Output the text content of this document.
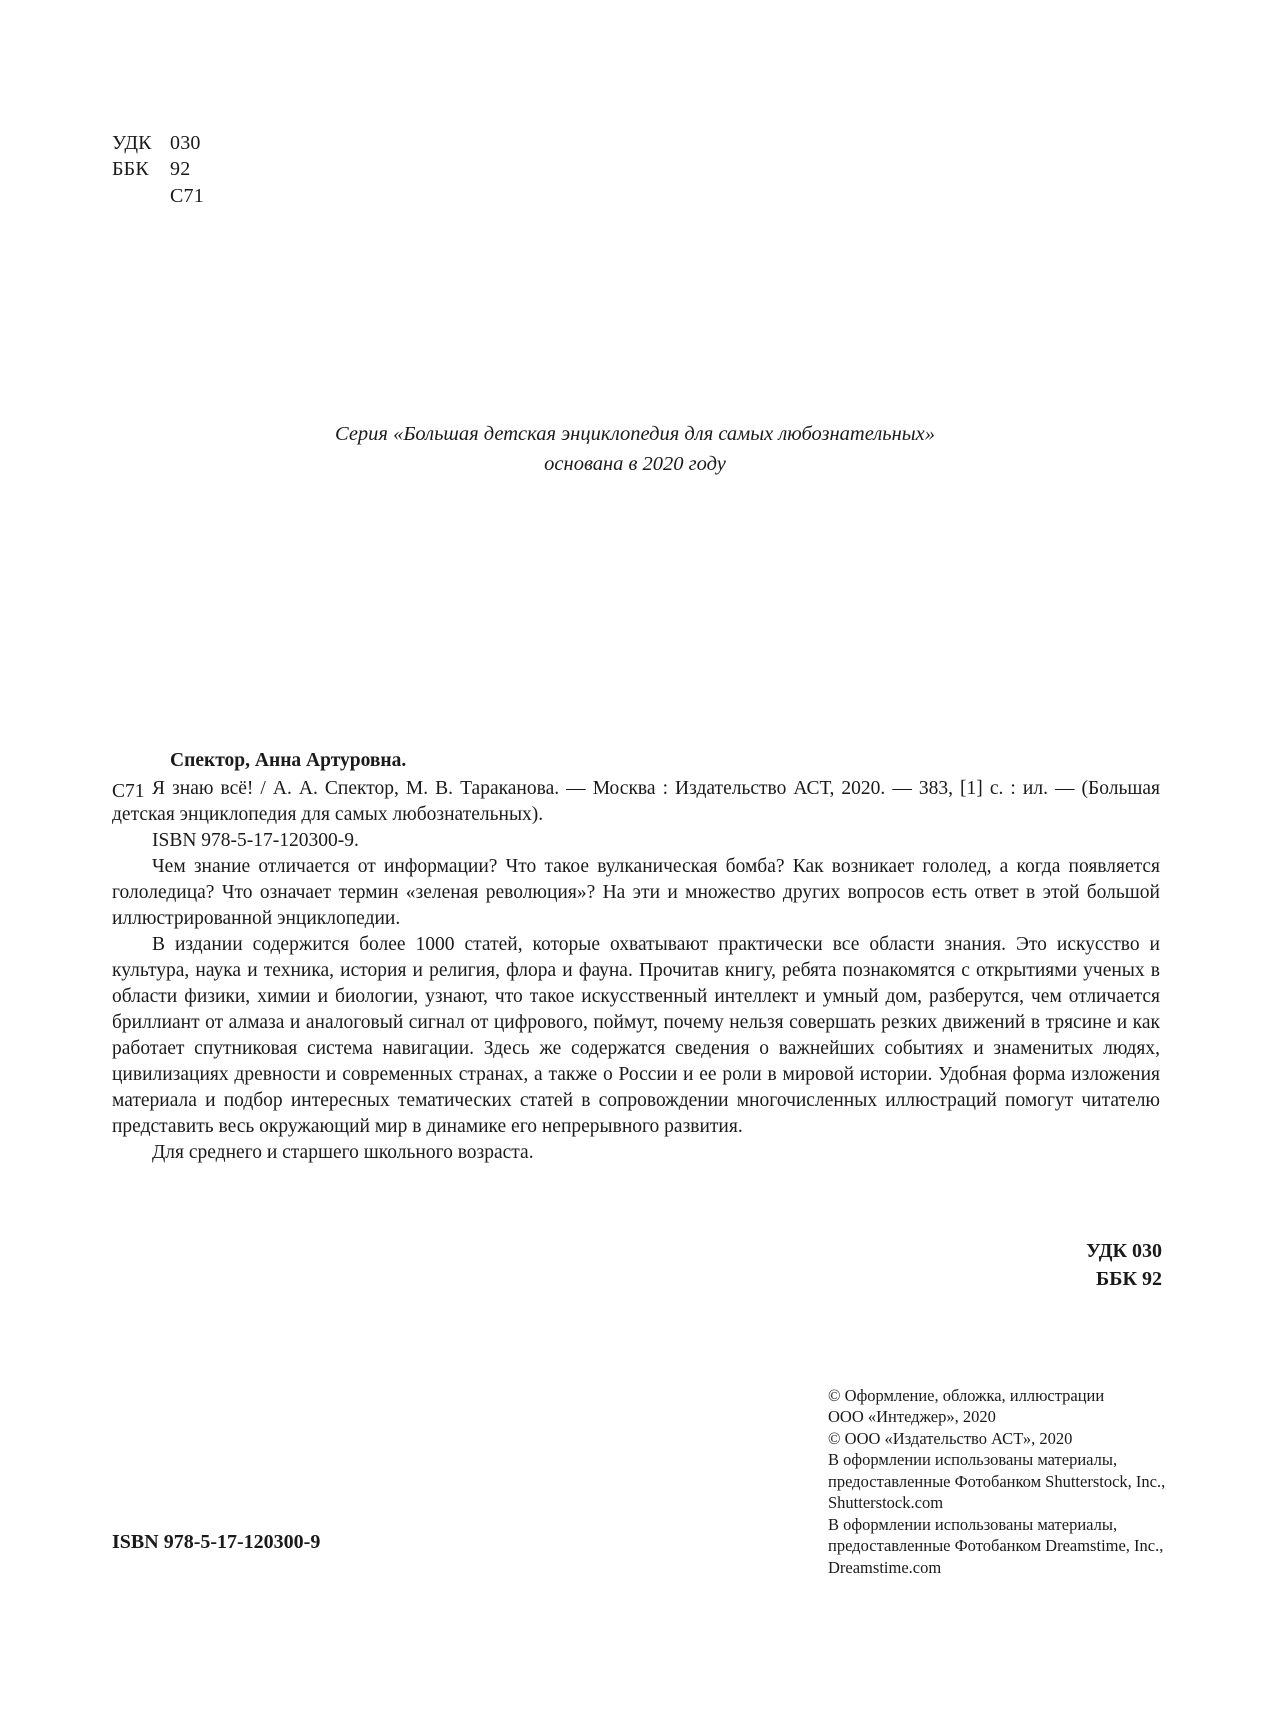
УДК 030
ББК	92
С71
Серия «Большая детская энциклопедия для самых любознательных»
основана в 2020 году
С71
Спектор, Анна Артуровна.

Я знаю всё! / А. А. Спектор, М. В. Тараканова. — Москва : Издательство АСТ, 2020. — 383, [1] с. : ил. — (Большая детская энциклопедия для самых любознательных).

ISBN 978-5-17-120300-9.

Чем знание отличается от информации? Что такое вулканическая бомба? Как возникает гололед, а когда появляется гололедица? Что означает термин «зеленая революция»? На эти и множество других вопросов есть ответ в этой большой иллюстрированной энциклопедии.

В издании содержится более 1000 статей, которые охватывают практически все области знания. Это искусство и культура, наука и техника, история и религия, флора и фауна. Прочитав книгу, ребята познакомятся с открытиями ученых в области физики, химии и биологии, узнают, что такое искусственный интеллект и умный дом, разберутся, чем отличается бриллиант от алмаза и аналоговый сигнал от цифрового, поймут, почему нельзя совершать резких движений в трясине и как работает спутниковая система навигации. Здесь же содержатся сведения о важнейших событиях и знаменитых людях, цивилизациях древности и современных странах, а также о России и ее роли в мировой истории. Удобная форма изложения материала и подбор интересных тематических статей в сопровождении многочисленных иллюстраций помогут читателю представить весь окружающий мир в динамике его непрерывного развития.

Для среднего и старшего школьного возраста.

УДК 030
ББК 92
© Оформление, обложка, иллюстрации
ООО «Интеджер», 2020
© ООО «Издательство АСТ», 2020
В оформлении использованы материалы,
предоставленные Фотобанком Shutterstock, Inc.,
Shutterstock.com
В оформлении использованы материалы,
предоставленные Фотобанком Dreamstime, Inc.,
Dreamstime.com
ISBN 978-5-17-120300-9
